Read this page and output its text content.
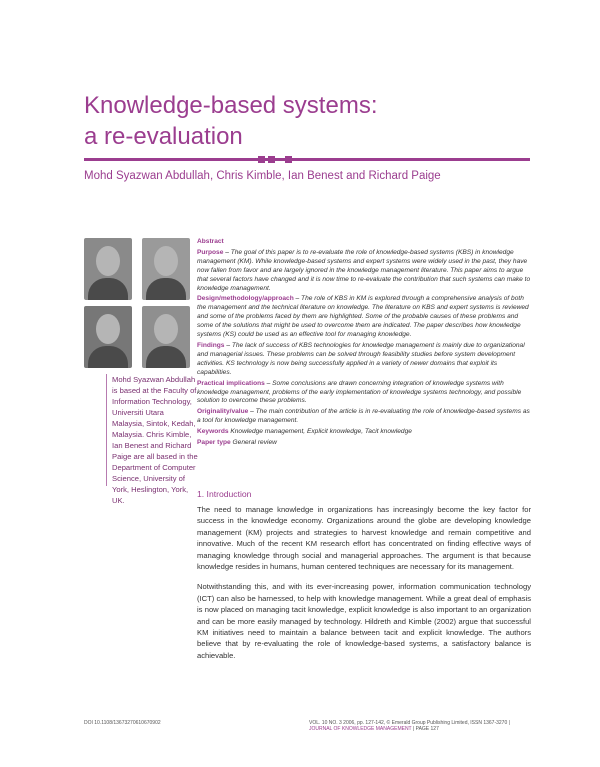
Knowledge-based systems:
a re-evaluation
Mohd Syazwan Abdullah, Chris Kimble, Ian Benest and Richard Paige
Mohd Syazwan Abdullah is based at the Faculty of Information Technology, Universiti Utara Malaysia, Sintok, Kedah, Malaysia. Chris Kimble, Ian Benest and Richard Paige are all based in the Department of Computer Science, University of York, Heslington, York, UK.
Abstract

Purpose – The goal of this paper is to re-evaluate the role of knowledge-based systems (KBS) in knowledge management (KM). While knowledge-based systems and expert systems were widely used in the past, they have now fallen from favor and are largely ignored in the knowledge management literature. This paper aims to argue that several factors have changed and it is now time to re-evaluate the contribution that such systems can make to knowledge management.

Design/methodology/approach – The role of KBS in KM is explored through a comprehensive analysis of both the management and the technical literature on knowledge. The literature on KBS and expert systems is reviewed and some of the problems faced by them are highlighted. Some of the probable causes of these problems and some of the solutions that might be used to overcome them are indicated. The paper describes how knowledge systems (KS) could be used as an effective tool for managing knowledge.

Findings – The lack of success of KBS technologies for knowledge management is mainly due to organizational and managerial issues. These problems can be solved through feasibility studies before system development activities. KS technology is now being successfully applied in a variety of newer domains that exploit its capabilities.

Practical implications – Some conclusions are drawn concerning integration of knowledge systems with knowledge management, problems of the early implementation of knowledge systems technology, and possible solution to overcome these problems.

Originality/value – The main contribution of the article is in re-evaluating the role of knowledge-based systems as a tool for knowledge management.

Keywords Knowledge management, Explicit knowledge, Tacit knowledge

Paper type General review

1. Introduction

The need to manage knowledge in organizations has increasingly become the key factor for success in the knowledge economy. Organizations around the globe are developing knowledge management (KM) projects and strategies to harvest knowledge and remain competitive and innovative. Much of the recent KM research effort has concentrated on finding effective ways of managing knowledge through social and managerial approaches. The argument is that because knowledge resides in humans, human centered techniques are necessary for its management.

Notwithstanding this, and with its ever-increasing power, information communication technology (ICT) can also be harnessed, to help with knowledge management. While a great deal of emphasis is now placed on managing tacit knowledge, explicit knowledge is also important to an organization and can be more easily managed by technology. Hildreth and Kimble (2002) argue that successful KM initiatives need to maintain a balance between tacit and explicit knowledge. The authors believe that by re-evaluating the role of knowledge-based systems, a satisfactory balance is achievable.

DOI 10.1108/13673270610670902	VOL. 10 NO. 3 2006, pp. 127-142, © Emerald Group Publishing Limited, ISSN 1367-3270 | JOURNAL OF KNOWLEDGE MANAGEMENT | PAGE 127
